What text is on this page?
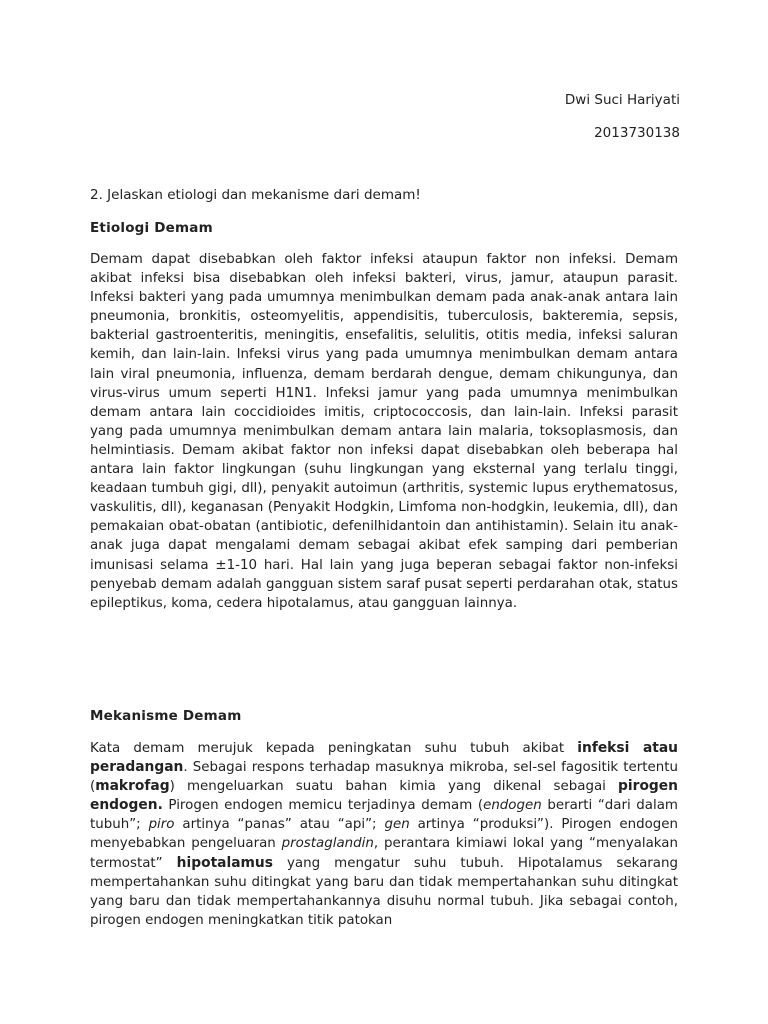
Dwi Suci Hariyati

2013730138

2. Jelaskan etiologi dan mekanisme dari demam!

Etiologi Demam

Demam dapat disebabkan oleh faktor infeksi ataupun faktor non infeksi. Demam akibat infeksi bisa disebabkan oleh infeksi bakteri, virus, jamur, ataupun parasit. Infeksi bakteri yang pada umumnya menimbulkan demam pada anak-anak antara lain pneumonia, bronkitis, osteomyelitis, appendisitis, tuberculosis, bakteremia, sepsis, bakterial gastroenteritis, meningitis, ensefalitis, selulitis, otitis media, infeksi saluran kemih, dan lain-lain. Infeksi virus yang pada umumnya menimbulkan demam antara lain viral pneumonia, influenza, demam berdarah dengue, demam chikungunya, dan virus-virus umum seperti H1N1. Infeksi jamur yang pada umumnya menimbulkan demam antara lain coccidioides imitis, criptococcosis, dan lain-lain. Infeksi parasit yang pada umumnya menimbulkan demam antara lain malaria, toksoplasmosis, dan helmintiasis. Demam akibat faktor non infeksi dapat disebabkan oleh beberapa hal antara lain faktor lingkungan (suhu lingkungan yang eksternal yang terlalu tinggi, keadaan tumbuh gigi, dll), penyakit autoimun (arthritis, systemic lupus erythematosus, vaskulitis, dll), keganasan (Penyakit Hodgkin, Limfoma non-hodgkin, leukemia, dll), dan pemakaian obat-obatan (antibiotic, defenilhidantoin dan antihistamin). Selain itu anak-anak juga dapat mengalami demam sebagai akibat efek samping dari pemberian imunisasi selama ±1-10 hari. Hal lain yang juga beperan sebagai faktor non-infeksi penyebab demam adalah gangguan sistem saraf pusat seperti perdarahan otak, status epileptikus, koma, cedera hipotalamus, atau gangguan lainnya.

Mekanisme Demam

Kata demam merujuk kepada peningkatan suhu tubuh akibat infeksi atau peradangan. Sebagai respons terhadap masuknya mikroba, sel-sel fagositik tertentu (makrofag) mengeluarkan suatu bahan kimia yang dikenal sebagai pirogen endogen. Pirogen endogen memicu terjadinya demam (endogen berarti “dari dalam tubuh”; piro artinya “panas” atau “api”; gen artinya “produksi”). Pirogen endogen menyebabkan pengeluaran prostaglandin, perantara kimiawi lokal yang “menyalakan termostat” hipotalamus yang mengatur suhu tubuh. Hipotalamus sekarang mempertahankan suhu ditingkat yang baru dan tidak mempertahankan suhu ditingkat yang baru dan tidak mempertahankannya disuhu normal tubuh. Jika sebagai contoh, pirogen endogen meningkatkan titik patokan
